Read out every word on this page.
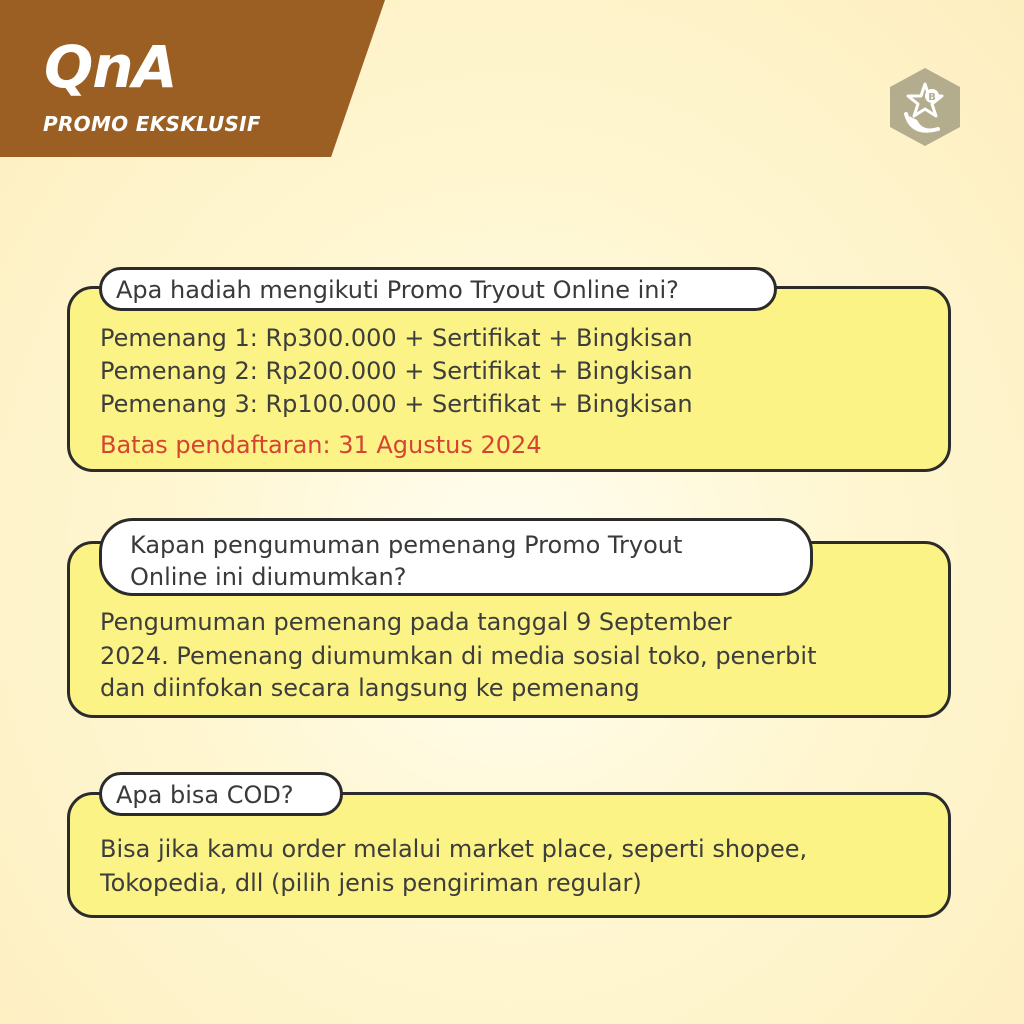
QnA
PROMO EKSKLUSIF
B
Pemenang 1: Rp300.000 + Sertifikat + Bingkisan
Pemenang 2: Rp200.000 + Sertifikat + Bingkisan
Pemenang 3: Rp100.000 + Sertifikat + Bingkisan
Batas pendaftaran: 31 Agustus 2024
Apa hadiah mengikuti Promo Tryout Online ini?
Pengumuman pemenang pada tanggal 9 September
2024. Pemenang diumumkan di media sosial toko, penerbit
dan diinfokan secara langsung ke pemenang
Kapan pengumuman pemenang Promo Tryout
Online ini diumumkan?
Bisa jika kamu order melalui market place, seperti shopee,
Tokopedia, dll (pilih jenis pengiriman regular)
Apa bisa COD?
